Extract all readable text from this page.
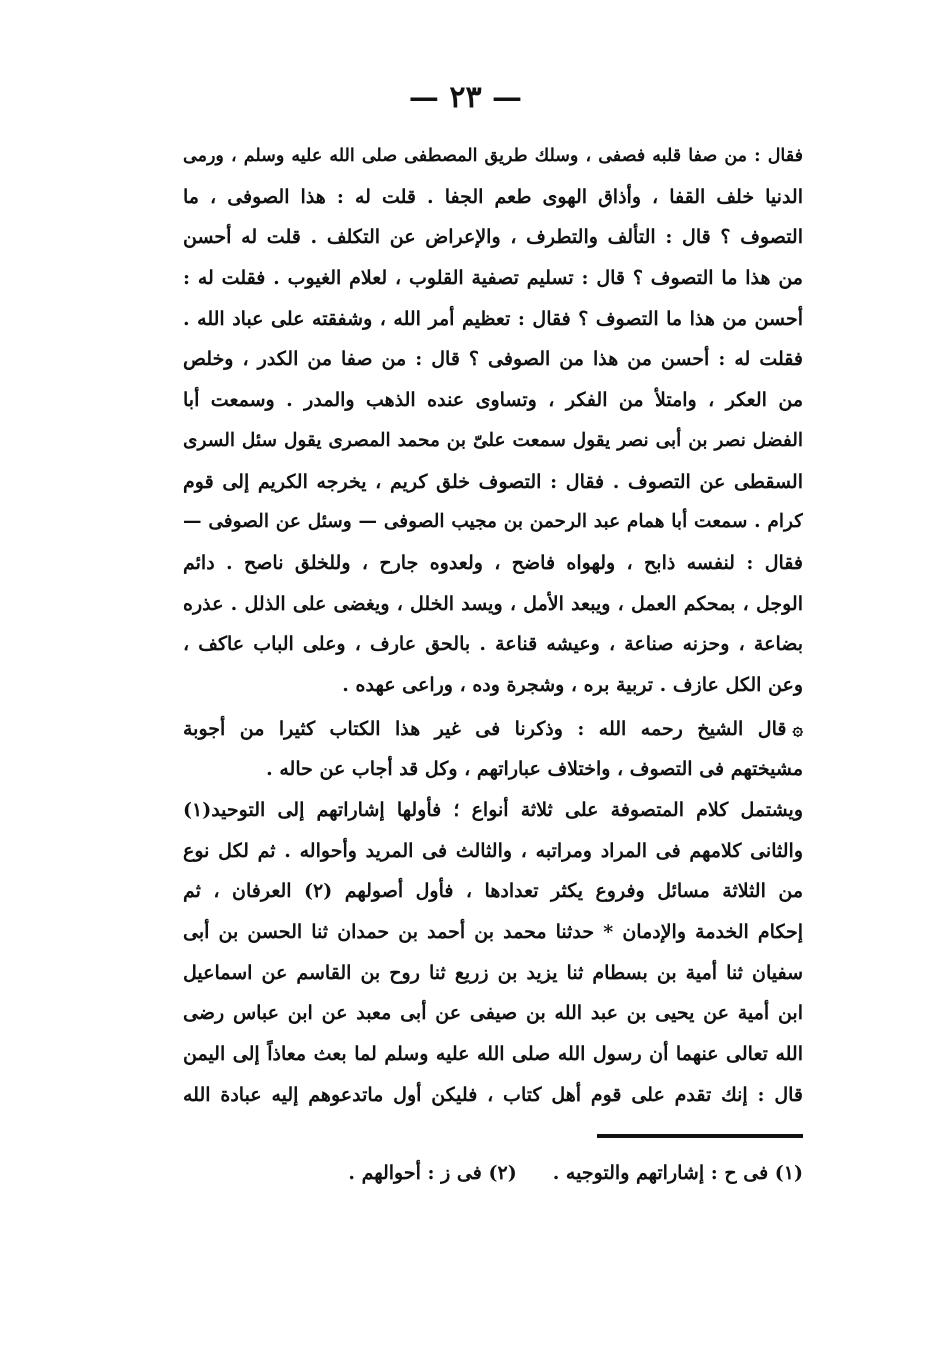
— ٢٣ —
فقال : من صفا قلبه فصفى ، وسلك طريق المصطفى صلى الله عليه وسلم ، ورمى
الدنيا خلف القفا ، وأذاق الهوى طعم الجفا . قلت له : هذا الصوفى ، ما
التصوف ؟ قال : التألف والتطرف ، والإعراض عن التكلف . قلت له أحسن
من هذا ما التصوف ؟ قال : تسليم تصفية القلوب ، لعلام الغيوب . فقلت له :
أحسن من هذا ما التصوف ؟ فقال : تعظيم أمر الله ، وشفقته على عباد الله .
فقلت له : أحسن من هذا من الصوفى ؟ قال : من صفا من الكدر ، وخلص
من العكر ، وامتلأ من الفكر ، وتساوى عنده الذهب والمدر . وسمعت أبا
الفضل نصر بن أبى نصر يقول سمعت علىّ بن محمد المصرى يقول سئل السرى
السقطى عن التصوف . فقال : التصوف خلق كريم ، يخرجه الكريم إلى قوم
كرام . سمعت أبا همام عبد الرحمن بن مجيب الصوفى — وسئل عن الصوفى —
فقال : لنفسه ذابح ، ولهواه فاضح ، ولعدوه جارح ، وللخلق ناصح . دائم
الوجل ، بمحكم العمل ، ويبعد الأمل ، ويسد الخلل ، ويغضى على الذلل . عذره
بضاعة ، وحزنه صناعة ، وعيشه قناعة . بالحق عارف ، وعلى الباب عاكف ،
وعن الكل عازف . تربية بره ، وشجرة وده ، وراعى عهده .
۞قال الشيخ رحمه الله : وذكرنا فى غير هذا الكتاب كثيرا من أجوبة
مشيختهم فى التصوف ، واختلاف عباراتهم ، وكل قد أجاب عن حاله .
ويشتمل كلام المتصوفة على ثلاثة أنواع ؛ فأولها إشاراتهم إلى التوحيد(١)
والثانى كلامهم فى المراد ومراتبه ، والثالث فى المريد وأحواله . ثم لكل نوع
من الثلاثة مسائل وفروع يكثر تعدادها ، فأول أصولهم (٢) العرفان ، ثم
إحكام الخدمة والإدمان * حدثنا محمد بن أحمد بن حمدان ثنا الحسن بن أبى
سفيان ثنا أمية بن بسطام ثنا يزيد بن زريع ثنا روح بن القاسم عن اسماعيل
ابن أمية عن يحيى بن عبد الله بن صيفى عن أبى معبد عن ابن عباس رضى
الله تعالى عنهما أن رسول الله صلى الله عليه وسلم لما بعث معاذاً إلى اليمن
قال : إنك تقدم على قوم أهل كتاب ، فليكن أول ماتدعوهم إليه عبادة الله
(١) فى ح : إشاراتهم والتوجيه .
(٢) فى ز : أحوالهم .
